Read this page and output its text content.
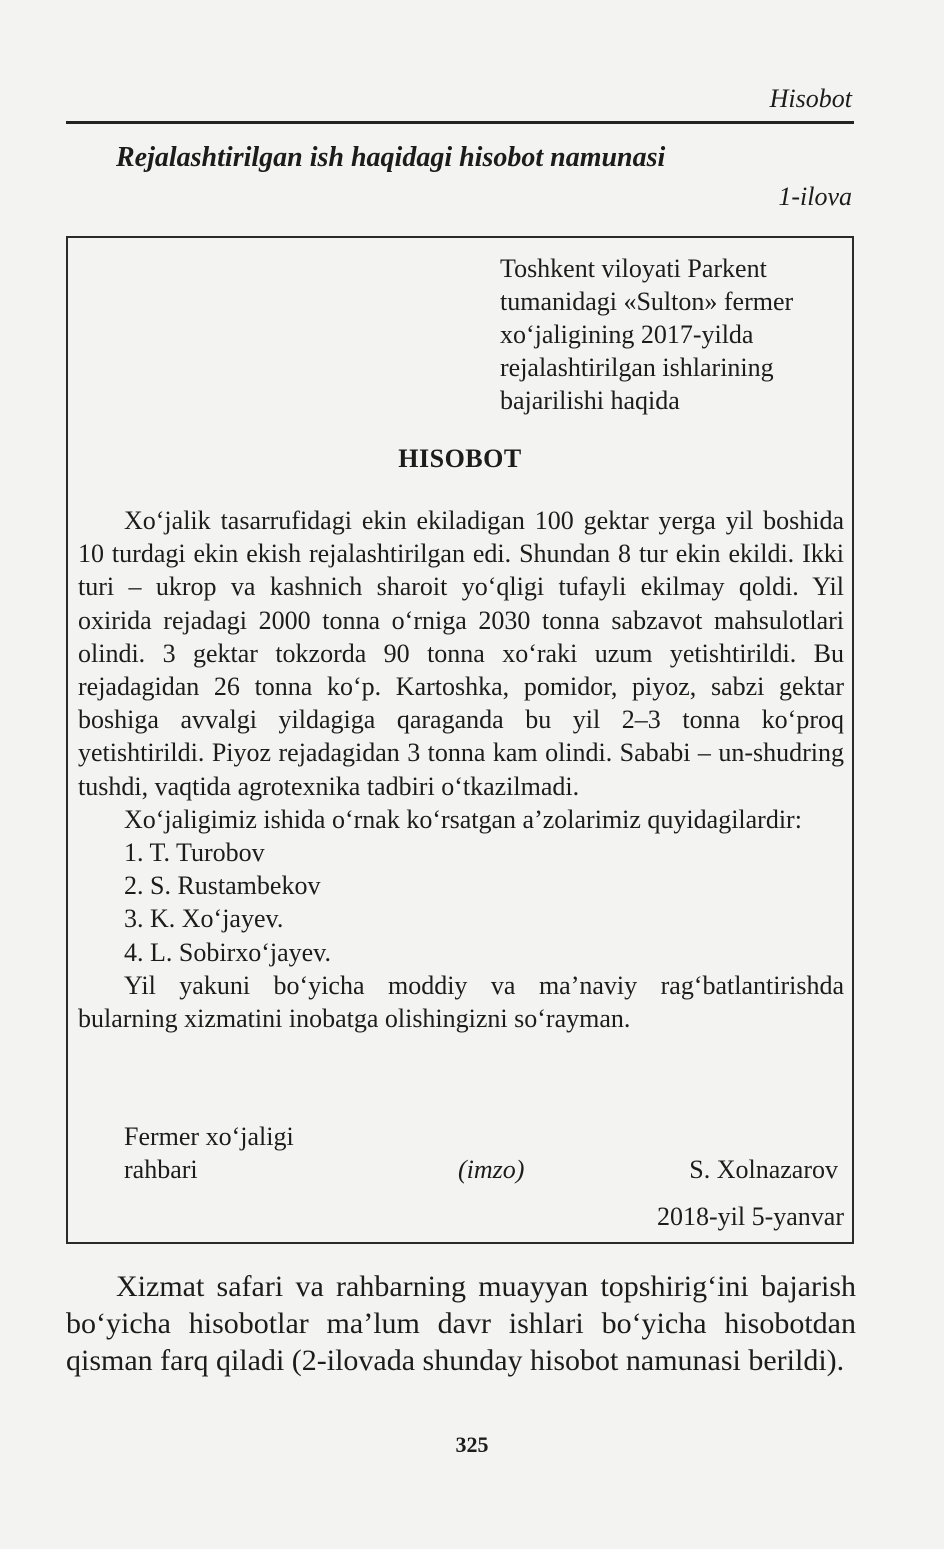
Hisobot
Rejalashtirilgan ish haqidagi hisobot namunasi
1-ilova
Toshkent viloyati Parkent
tumanidagi «Sulton» fermer
xo‘jaligining 2017-yilda
rejalashtirilgan ishlarining
bajarilishi haqida
HISOBOT

Xo‘jalik tasarrufidagi ekin ekiladigan 100 gektar yerga yil boshida 10 turdagi ekin ekish rejalashtirilgan edi. Shundan 8 tur ekin ekildi. Ikki turi – ukrop va kashnich sharoit yo‘qligi tufayli ekilmay qoldi. Yil oxirida rejadagi 2000 tonna o‘rniga 2030 tonna sabzavot mahsulotlari olindi. 3 gektar tokzorda 90 tonna xo‘raki uzum yetishtirildi. Bu rejadagidan 26 tonna ko‘p. Kartoshka, pomidor, piyoz, sabzi gektar boshiga avvalgi yildagiga qaraganda bu yil 2–3 tonna ko‘proq yetishtirildi. Piyoz rejadagidan 3 tonna kam olindi. Sababi – un-shudring tushdi, vaqtida agrotexnika tadbiri o‘tkazilmadi.

Xo‘jaligimiz ishida o‘rnak ko‘rsatgan a’zolarimiz quyidagilardir:

1. T. Turobov
2. S. Rustambekov
3. K. Xo‘jayev.
4. L. Sobirxo‘jayev.

Yil yakuni bo‘yicha moddiy va ma’naviy rag‘batlantirishda bularning xizmatini inobatga olishingizni so‘rayman.

Fermer xo‘jaligi
rahbari	(imzo)	S. Xolnazarov
2018-yil 5-yanvar

Xizmat safari va rahbarning muayyan topshirig‘ini bajarish bo‘yicha hisobotlar ma’lum davr ishlari bo‘yicha hisobotdan qisman farq qiladi (2-ilovada shunday hisobot namunasi berildi).

325
